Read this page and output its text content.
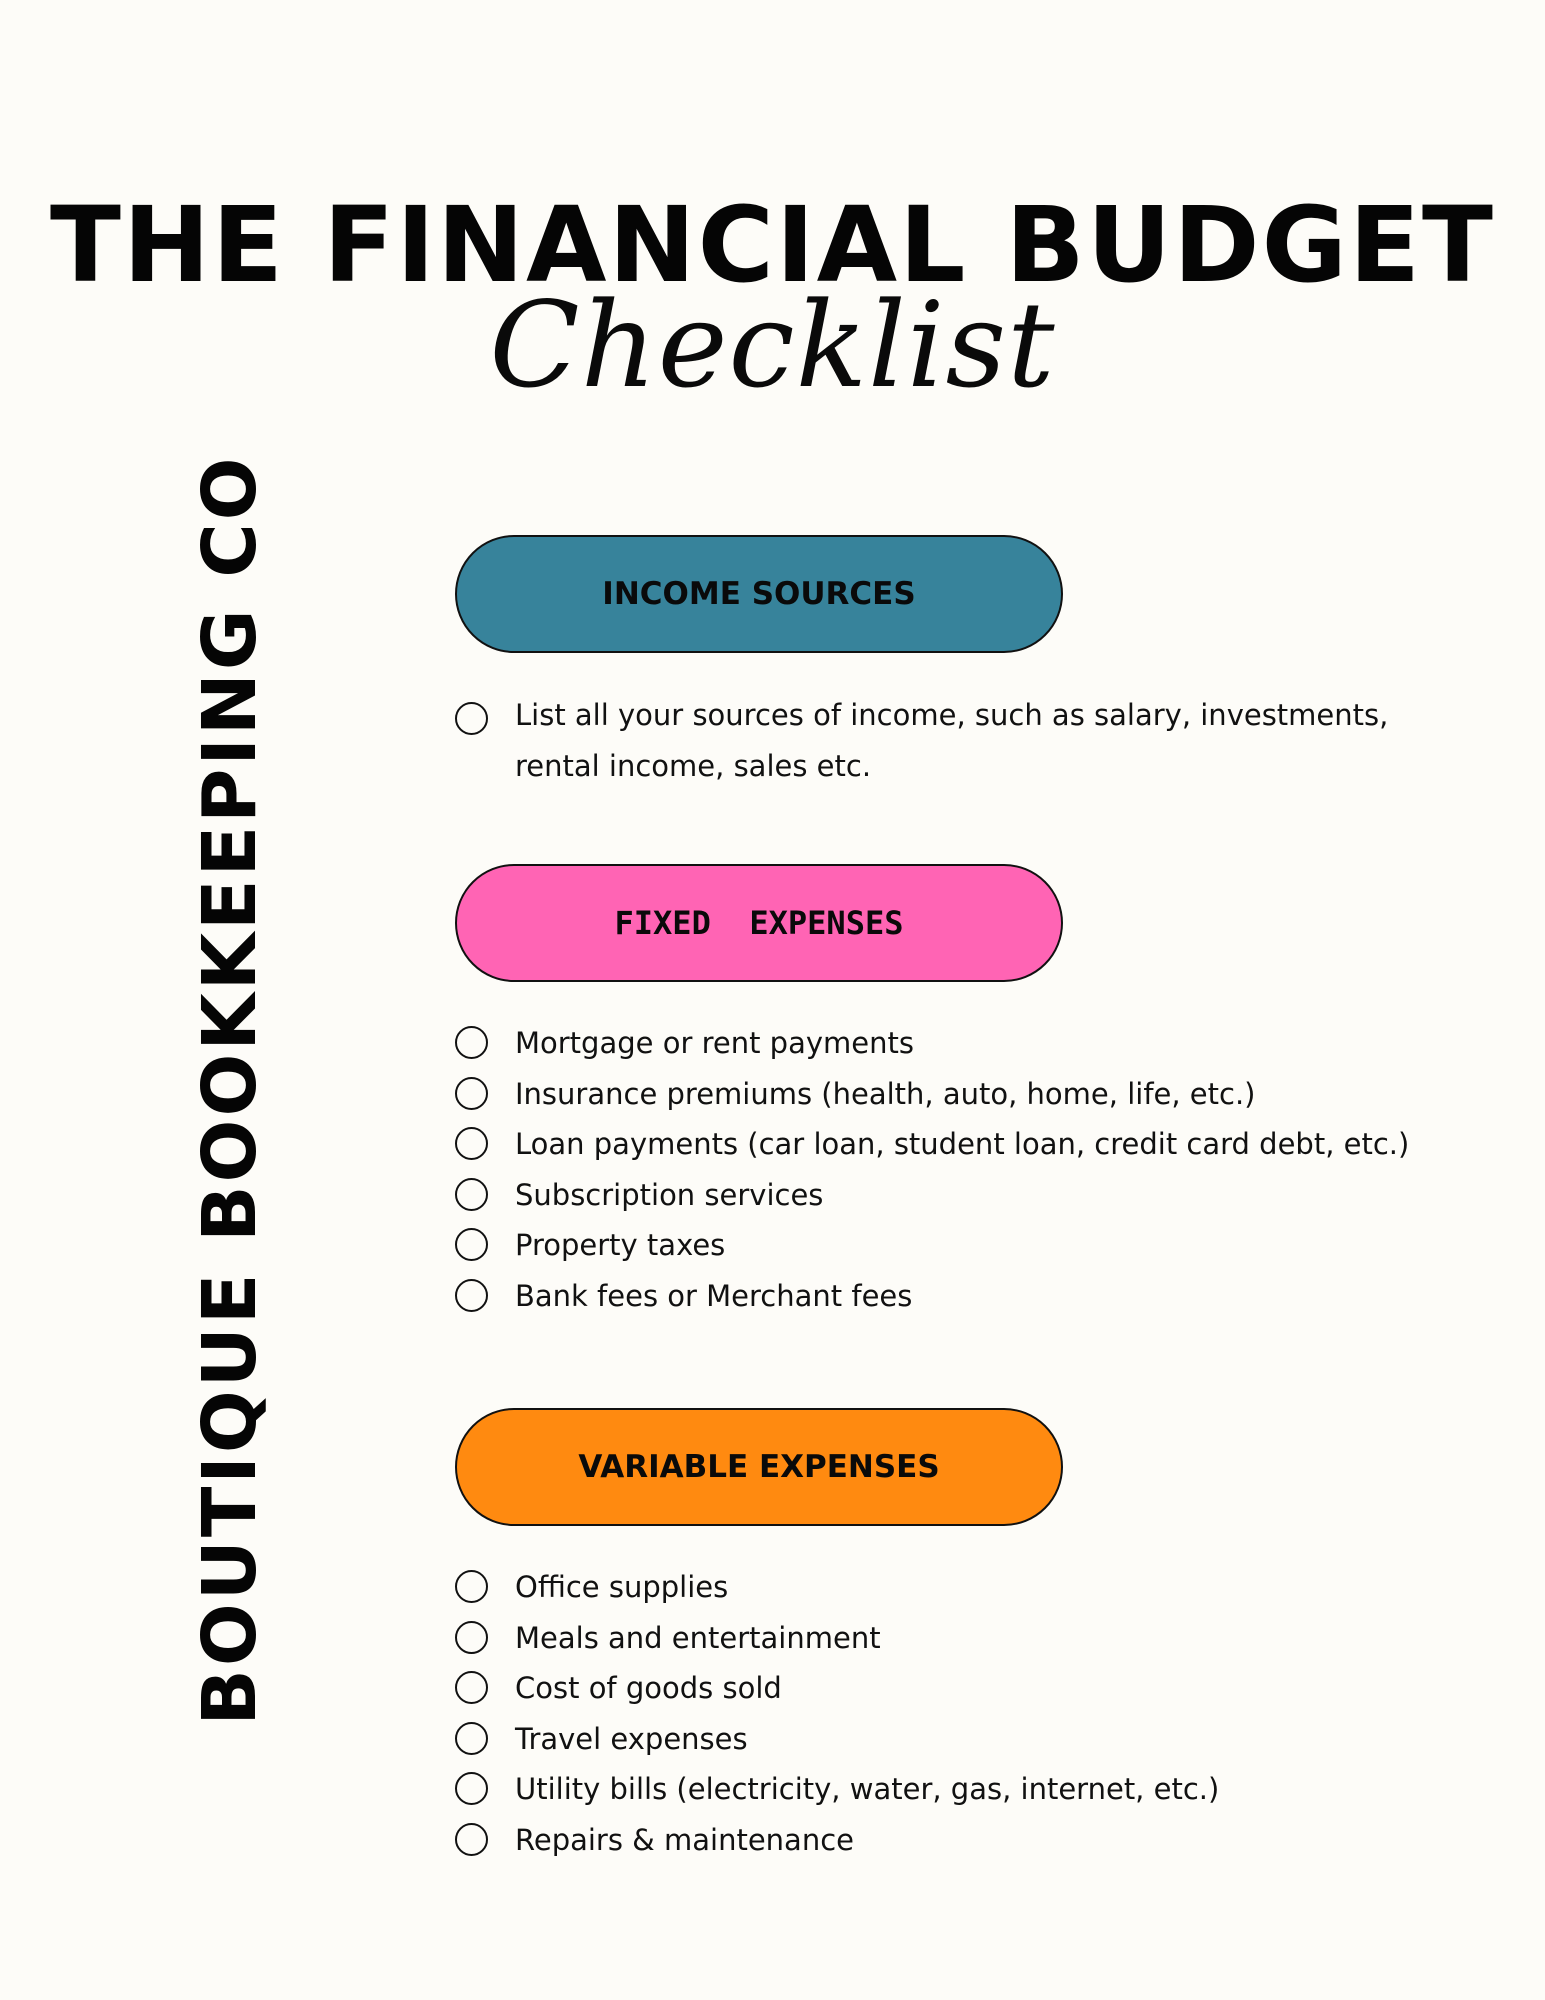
THE FINANCIAL BUDGET
Checklist
BOUTIQUE BOOKKEEPING CO	INCOME SOURCES
List all your sources of income, such as salary, investments, rental income, sales etc.
FIXED  EXPENSES
Mortgage or rent payments
Insurance premiums (health, auto, home, life, etc.)
Loan payments (car loan, student loan, credit card debt, etc.)
Subscription services
Property taxes
Bank fees or Merchant fees
VARIABLE EXPENSES
Office supplies
Meals and entertainment
Cost of goods sold
Travel expenses
Utility bills (electricity, water, gas, internet, etc.)
Repairs & maintenance
